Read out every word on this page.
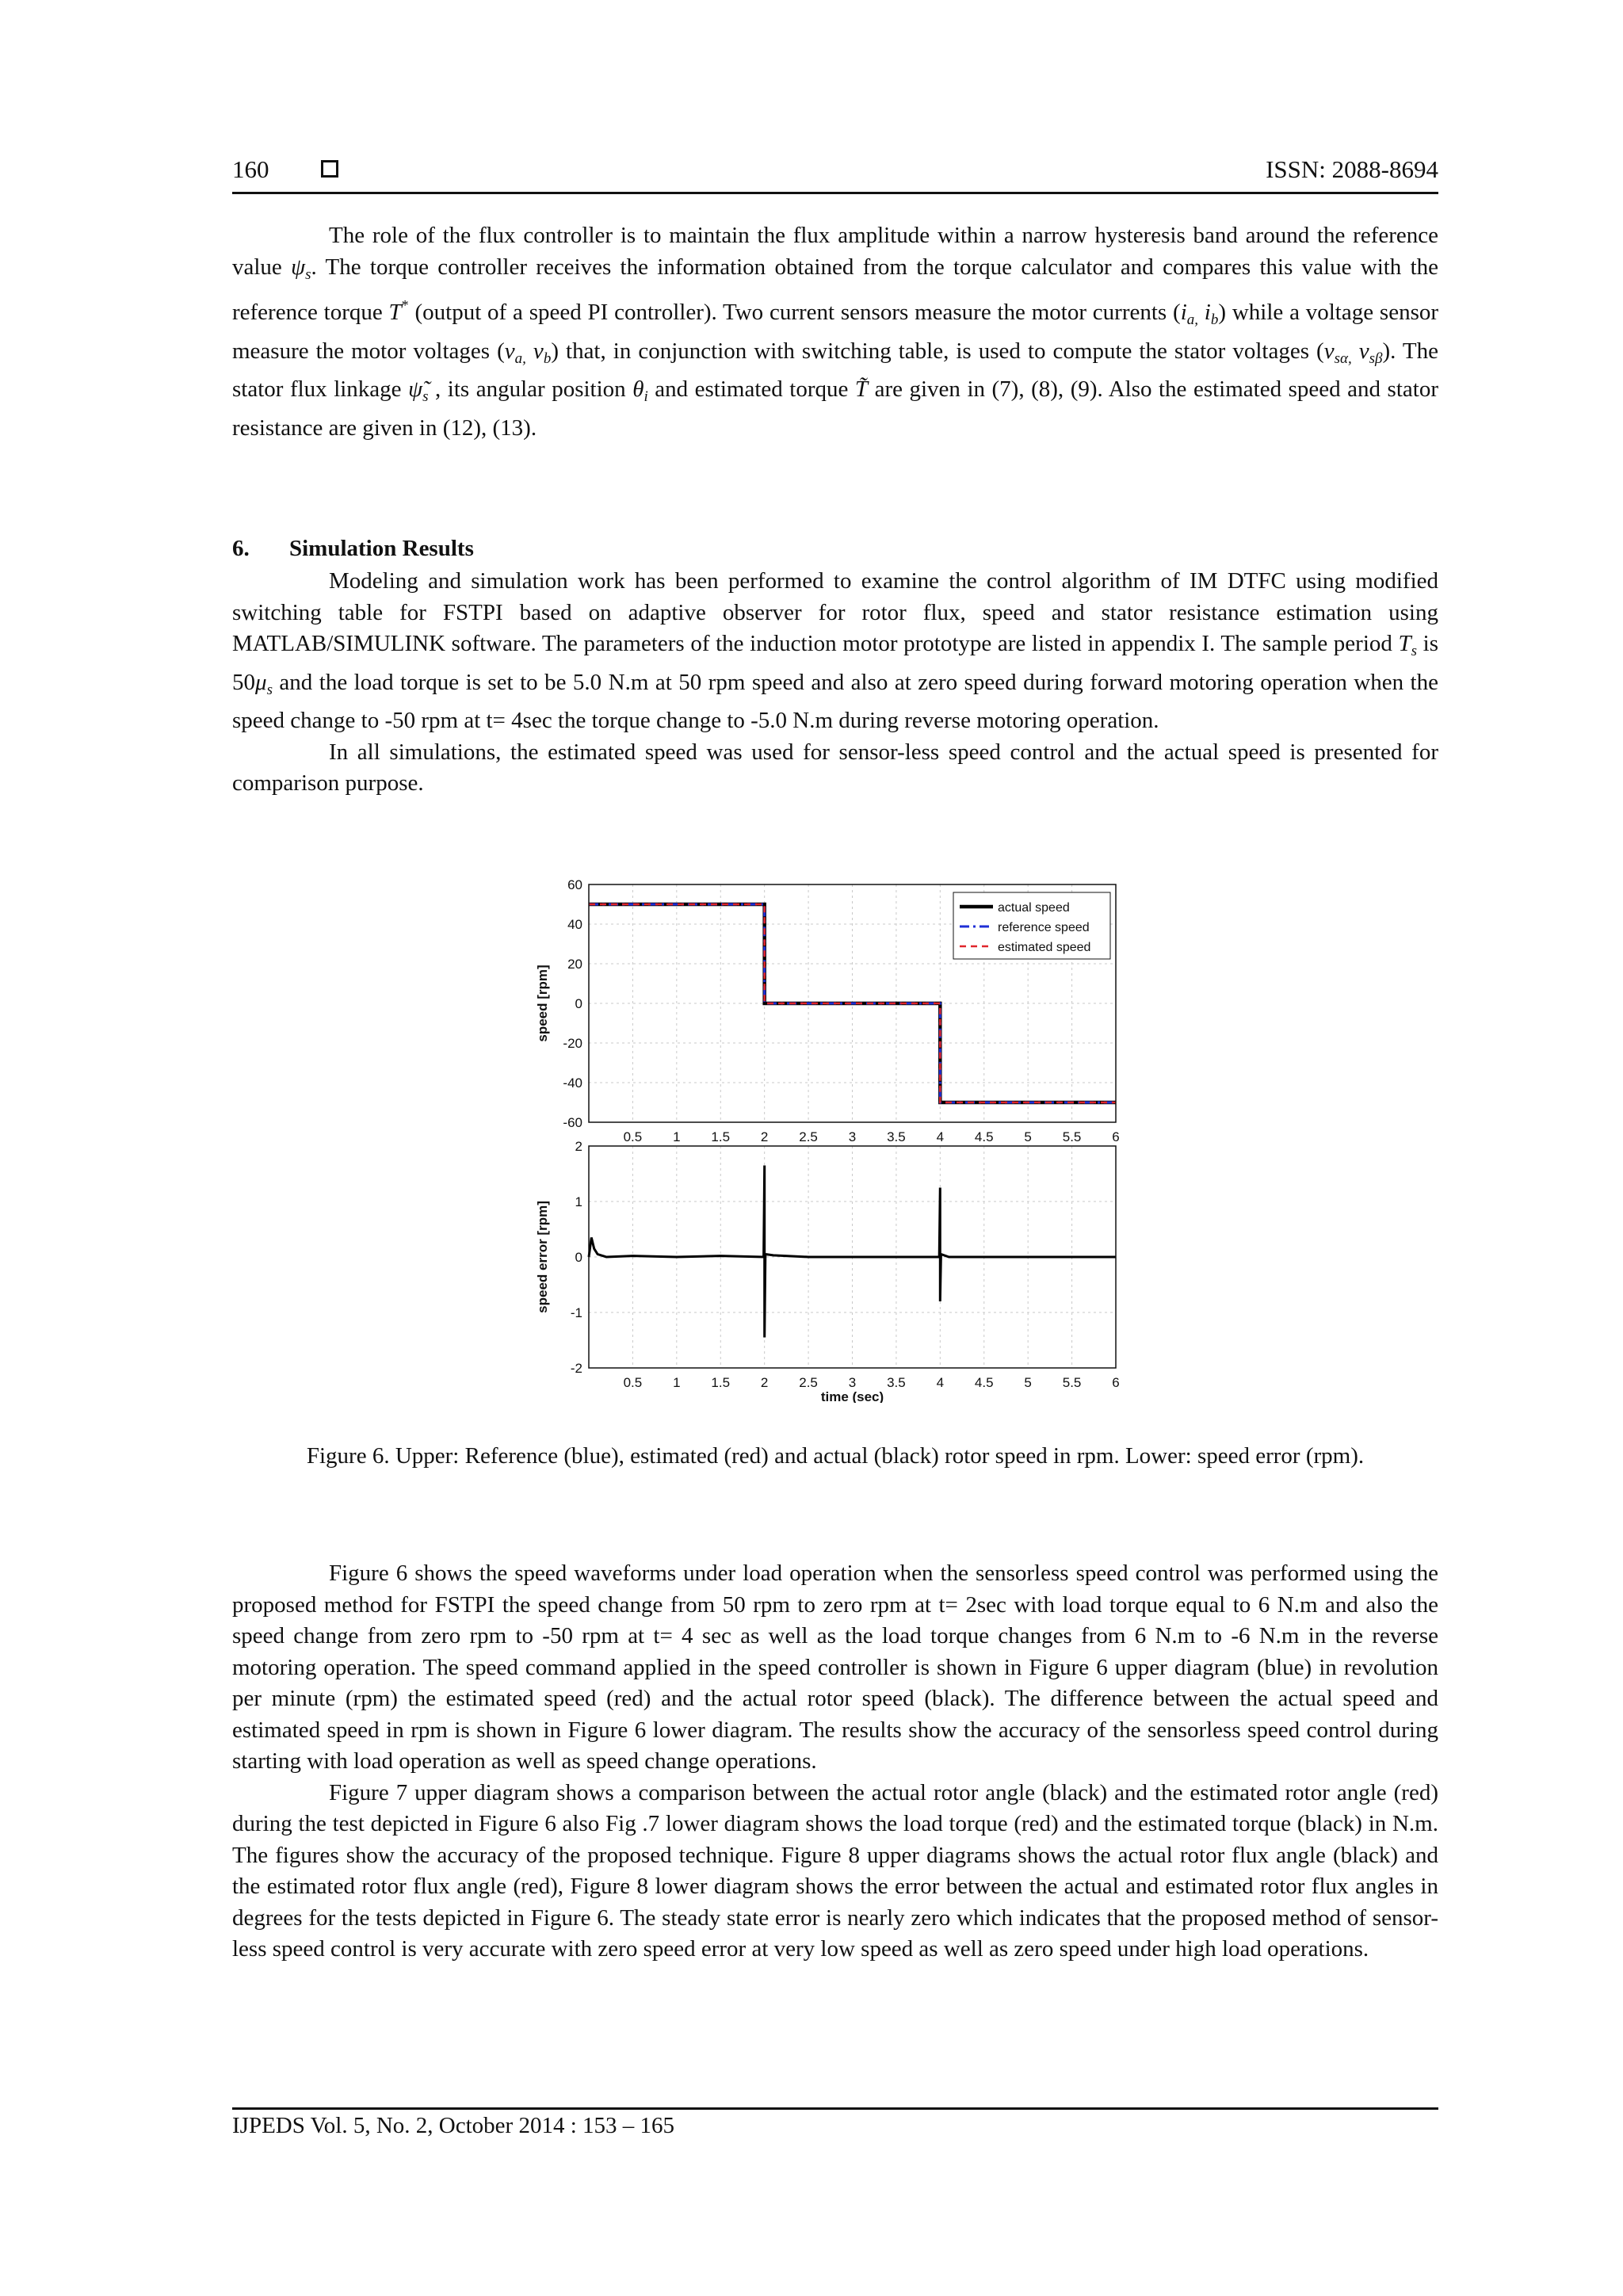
160	ISSN: 2088-8694

The role of the flux controller is to maintain the flux amplitude within a narrow hysteresis band around the reference value $\psi_s$. The torque controller receives the information obtained from the torque calculator and compares this value with the reference torque T* (output of a speed PI controller). Two current sensors measure the motor currents ($i_{a,}$ $i_b$) while a voltage sensor measure the motor voltages ($v_{a,}$ $v_b$) that, in conjunction with switching table, is used to compute the stator voltages ($v_{s\alpha,}$ $v_{s\beta}$). The stator flux linkage $\psĩ_s$ , its angular position $\theta_i$ and estimated torque T̃ are given in (7), (8), (9). Also the estimated speed and stator resistance are given in (12), (13).

6. Simulation Results

Modeling and simulation work has been performed to examine the control algorithm of IM DTFC using modified switching table for FSTPI based on adaptive observer for rotor flux, speed and stator resistance estimation using MATLAB/SIMULINK software. The parameters of the induction motor prototype are listed in appendix I. The sample period $T_s$ is $50\mu_s$ and the load torque is set to be 5.0 N.m at 50 rpm speed and also at zero speed during forward motoring operation when the speed change to -50 rpm at t= 4sec the torque change to -5.0 N.m during reverse motoring operation.

In all simulations, the estimated speed was used for sensor-less speed control and the actual speed is presented for comparison purpose.

0.5 1 1.5 2 2.5 3 3.5 4 4.5 5 5.5 6
60
40
20
0
-20
-40
-60
speed [rpm]
actual speed
reference speed
estimated speed
0.5 1 1.5 2 2.5 3 3.5 4 4.5 5 5.5 6
2
1
0
-1
-2
speed error [rpm]
time (sec)
Figure 6. Upper: Reference (blue), estimated (red) and actual (black) rotor speed in rpm. Lower: speed error (rpm).

Figure 6 shows the speed waveforms under load operation when the sensorless speed control was performed using the proposed method for FSTPI the speed change from 50 rpm to zero rpm at t= 2sec with load torque equal to 6 N.m and also the speed change from zero rpm to -50 rpm at t= 4 sec as well as the load torque changes from 6 N.m to -6 N.m in the reverse motoring operation. The speed command applied in the speed controller is shown in Figure 6 upper diagram (blue) in revolution per minute (rpm) the estimated speed (red) and the actual rotor speed (black). The difference between the actual speed and estimated speed in rpm is shown in Figure 6 lower diagram. The results show the accuracy of the sensorless speed control during starting with load operation as well as speed change operations.

Figure 7 upper diagram shows a comparison between the actual rotor angle (black) and the estimated rotor angle (red) during the test depicted in Figure 6 also Fig .7 lower diagram shows the load torque (red) and the estimated torque (black) in N.m. The figures show the accuracy of the proposed technique. Figure 8 upper diagrams shows the actual rotor flux angle (black) and the estimated rotor flux angle (red), Figure 8 lower diagram shows the error between the actual and estimated rotor flux angles in degrees for the tests depicted in Figure 6. The steady state error is nearly zero which indicates that the proposed method of sensor-less speed control is very accurate with zero speed error at very low speed as well as zero speed under high load operations.

IJPEDS Vol. 5, No. 2, October 2014 : 153 – 165
